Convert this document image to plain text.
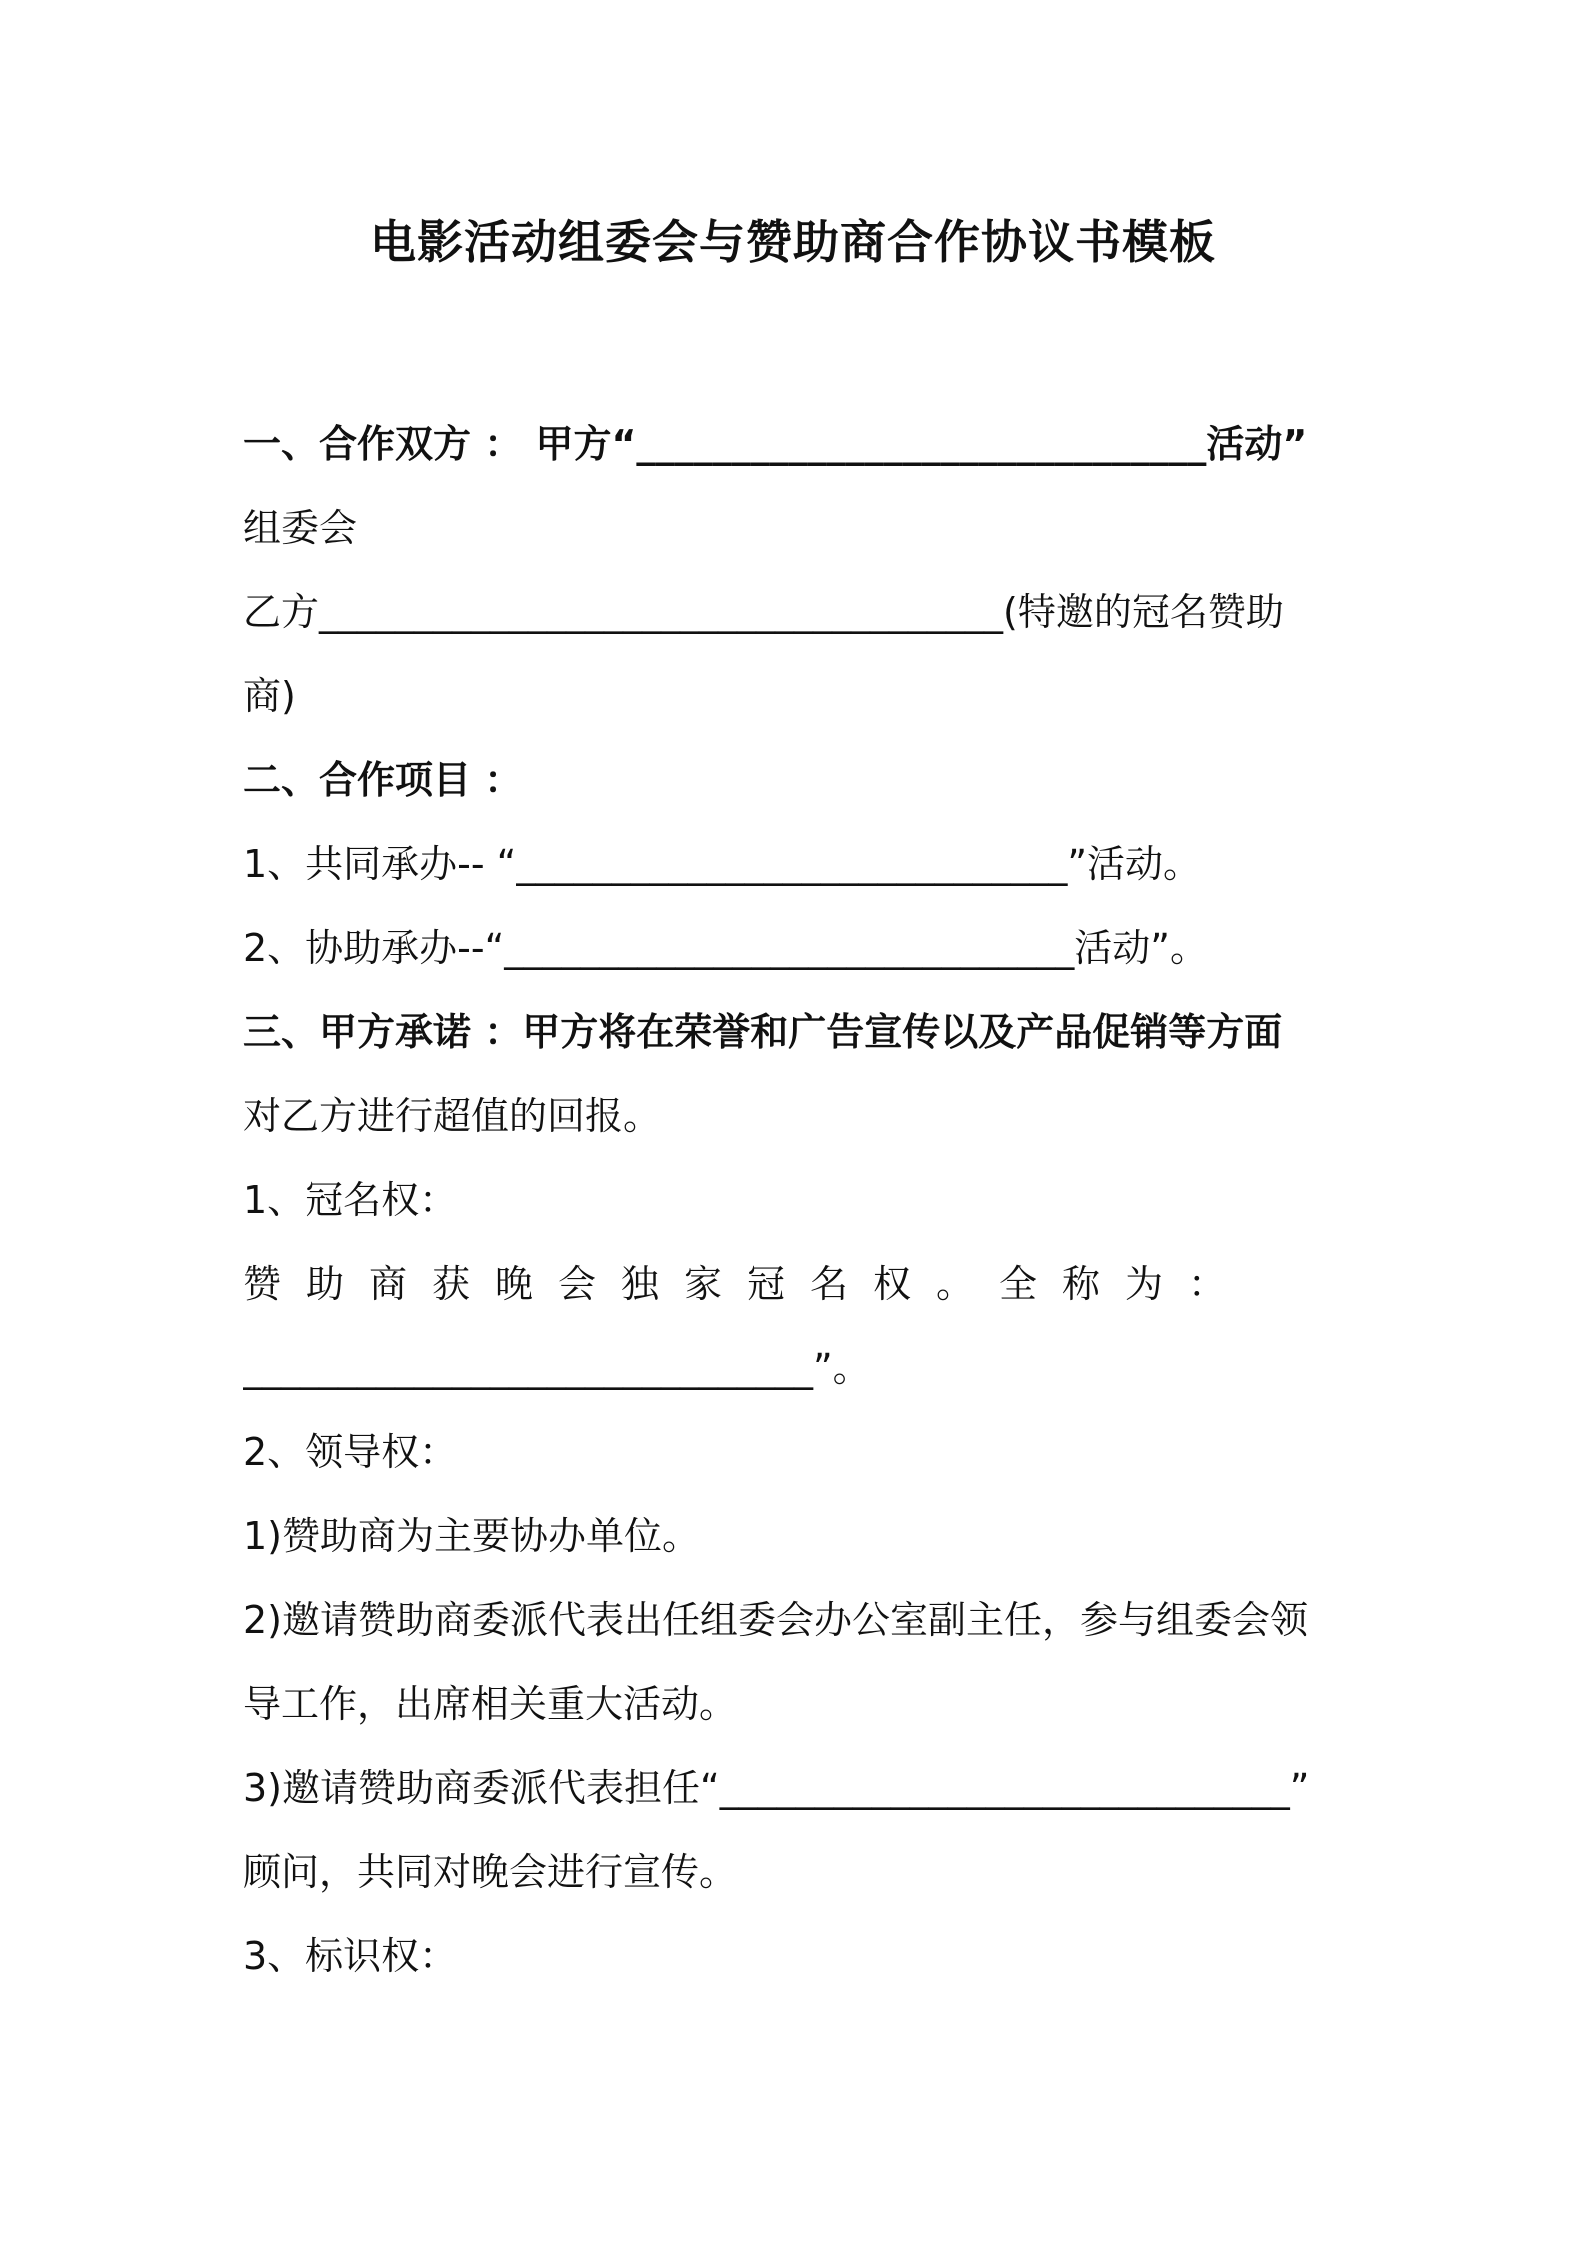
电影活动组委会与赞助商合作协议书模板
一、合作双方 ： 甲方“______________________________活动”
组委会
乙方____________________________________(特邀的冠名赞助
商)
二、合作项目 ：
1、共同承办-- “_____________________________”活动。
2、协助承办--“______________________________活动”。
三、甲方承诺 ：甲方将在荣誉和广告宣传以及产品促销等方面
对乙方进行超值的回报。
1、冠名权：
赞助商获晚会独家冠名权。全称为：
______________________________”。
2、领导权：
1)赞助商为主要协办单位。
2)邀请赞助商委派代表出任组委会办公室副主任，参与组委会领
导工作，出席相关重大活动。
3)邀请赞助商委派代表担任“______________________________”
顾问，共同对晚会进行宣传。
3、标识权：
